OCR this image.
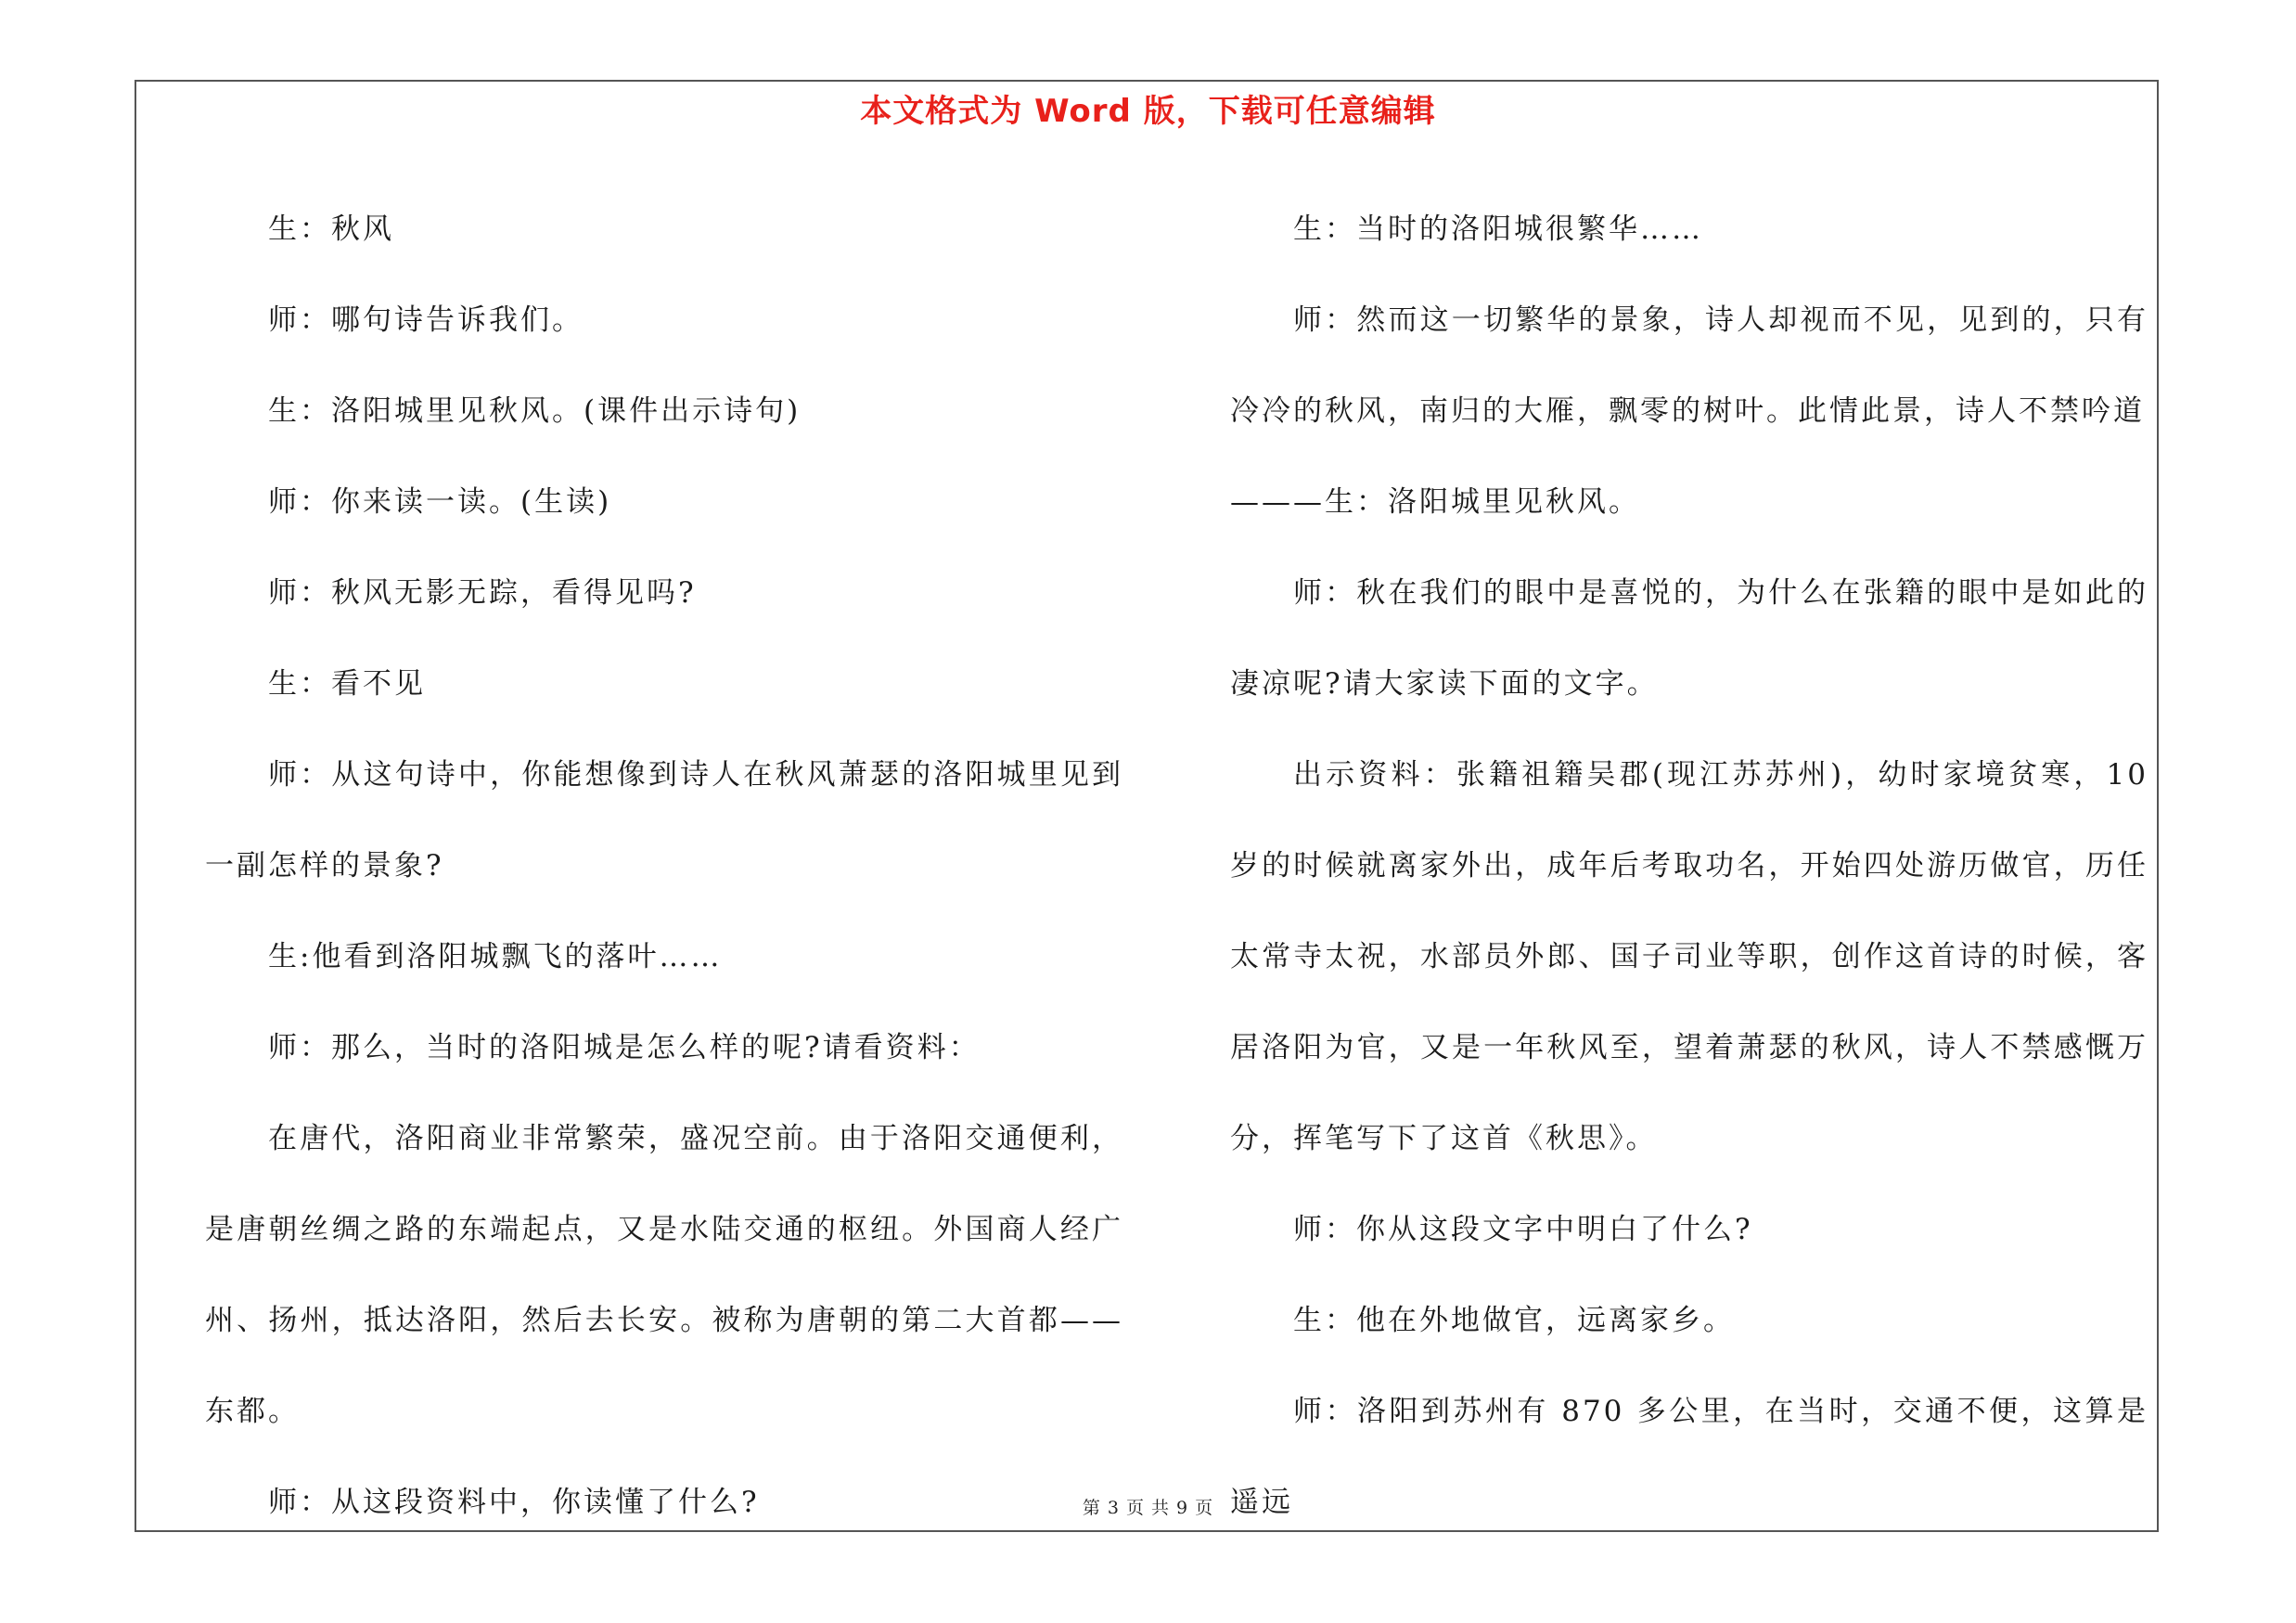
本文格式为 Word 版，下载可任意编辑

生：秋风

师：哪句诗告诉我们。

生：洛阳城里见秋风。(课件出示诗句)

师：你来读一读。(生读)

师：秋风无影无踪，看得见吗?

生：看不见

师：从这句诗中，你能想像到诗人在秋风萧瑟的洛阳城里见到一副怎样的景象?

生:他看到洛阳城飘飞的落叶……

师：那么，当时的洛阳城是怎么样的呢?请看资料：

在唐代，洛阳商业非常繁荣，盛况空前。由于洛阳交通便利，是唐朝丝绸之路的东端起点，又是水陆交通的枢纽。外国商人经广州、扬州，抵达洛阳，然后去长安。被称为唐朝的第二大首都——东都。

师：从这段资料中，你读懂了什么?

生：当时的洛阳城很繁华……

师：然而这一切繁华的景象，诗人却视而不见，见到的，只有冷冷的秋风，南归的大雁，飘零的树叶。此情此景，诗人不禁吟道

———生：洛阳城里见秋风。

师：秋在我们的眼中是喜悦的，为什么在张籍的眼中是如此的凄凉呢?请大家读下面的文字。

出示资料：张籍祖籍吴郡(现江苏苏州)，幼时家境贫寒，10 岁的时候就离家外出，成年后考取功名，开始四处游历做官，历任太常寺太祝，水部员外郎、国子司业等职，创作这首诗的时候，客居洛阳为官，又是一年秋风至，望着萧瑟的秋风，诗人不禁感慨万分，挥笔写下了这首《秋思》。

师：你从这段文字中明白了什么?

生：他在外地做官，远离家乡。

师：洛阳到苏州有 870 多公里，在当时，交通不便，这算是遥远

第 3 页 共 9 页
